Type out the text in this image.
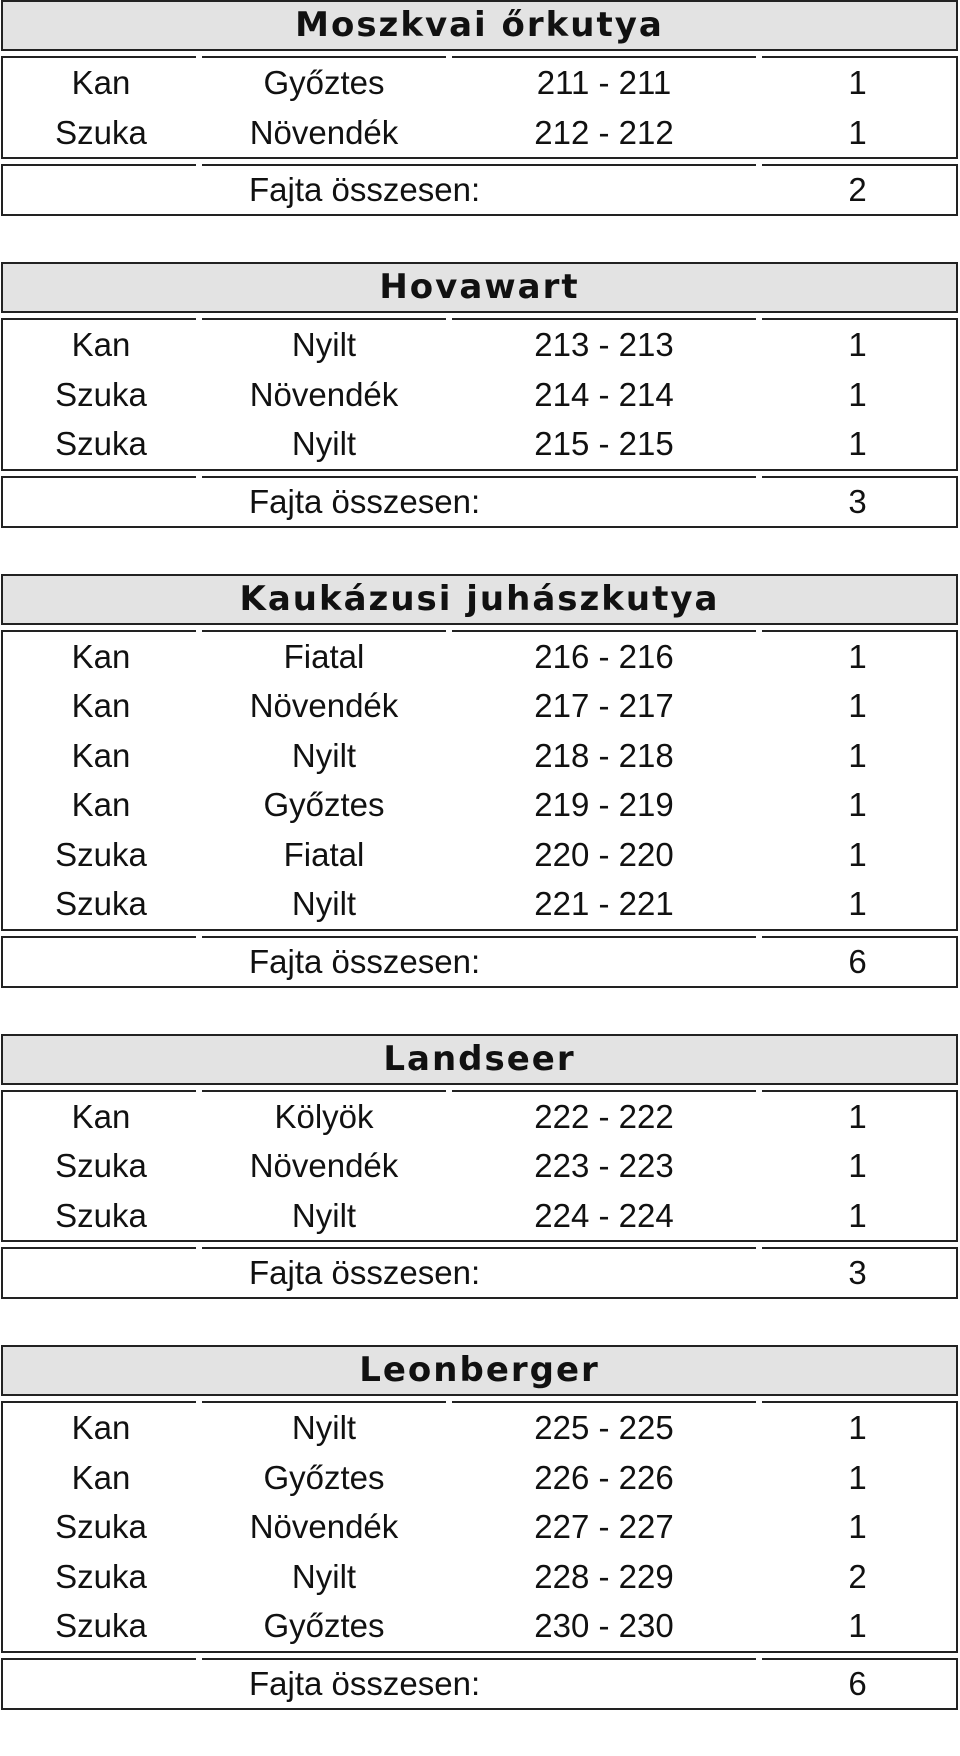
Moszkvai őrkutya
Kan	Győztes	211 - 211	1
Szuka	Növendék	212 - 212	1
Fajta összesen:	2
Hovawart
Kan	Nyilt	213 - 213	1
Szuka	Növendék	214 - 214	1
Szuka	Nyilt	215 - 215	1
Fajta összesen:	3
Kaukázusi juhászkutya
Kan	Fiatal	216 - 216	1
Kan	Növendék	217 - 217	1
Kan	Nyilt	218 - 218	1
Kan	Győztes	219 - 219	1
Szuka	Fiatal	220 - 220	1
Szuka	Nyilt	221 - 221	1
Fajta összesen:	6
Landseer
Kan	Kölyök	222 - 222	1
Szuka	Növendék	223 - 223	1
Szuka	Nyilt	224 - 224	1
Fajta összesen:	3
Leonberger
Kan	Nyilt	225 - 225	1
Kan	Győztes	226 - 226	1
Szuka	Növendék	227 - 227	1
Szuka	Nyilt	228 - 229	2
Szuka	Győztes	230 - 230	1
Fajta összesen:	6
